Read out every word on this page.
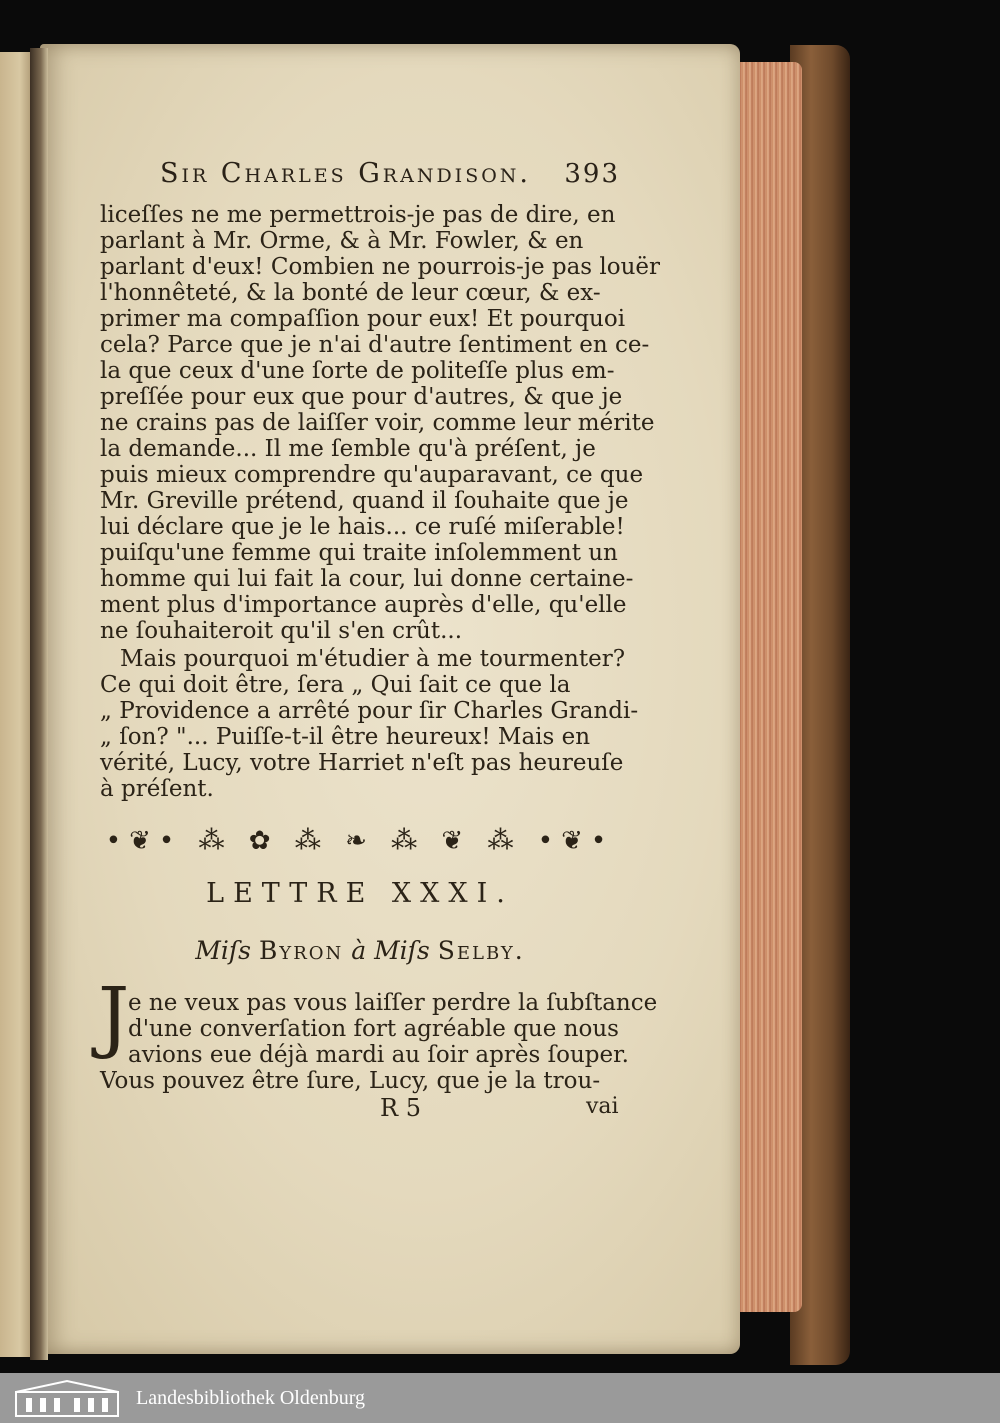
Sir Charles Grandison. 393
liceſſes ne me permettrois-je pas de dire, en
parlant à Mr. Orme, & à Mr. Fowler, & en
parlant d'eux! Combien ne pourrois-je pas louër
l'honnêteté, & la bonté de leur cœur, & ex-
primer ma compaſſion pour eux! Et pourquoi
cela? Parce que je n'ai d'autre ſentiment en ce-
la que ceux d'une ſorte de politeſſe plus em-
preſſée pour eux que pour d'autres, & que je
ne crains pas de laiſſer voir, comme leur mérite
la demande... Il me ſemble qu'à préſent, je
puis mieux comprendre qu'auparavant, ce que
Mr. Greville prétend, quand il ſouhaite que je
lui déclare que je le hais... ce ruſé miſerable!
puiſqu'une femme qui traite inſolemment un
homme qui lui fait la cour, lui donne certaine-
ment plus d'importance auprès d'elle, qu'elle
ne ſouhaiteroit qu'il s'en crût...
Mais pourquoi m'étudier à me tourmenter?
Ce qui doit être, ſera „ Qui ſait ce que la
„ Providence a arrêté pour ſir Charles Grandi-
„ ſon? "... Puiſſe-t-il être heureux! Mais en
vérité, Lucy, votre Harriet n'eſt pas heureuſe
à préſent.
•❦• ⁂ ✿ ⁂ ❧ ⁂ ❦ ⁂ •❦•
LETTRE XXXI.
Miſs Byron à Miſs Selby.
J
e ne veux pas vous laiſſer perdre la ſubſtance
d'une converſation fort agréable que nous
avions eue déjà mardi au ſoir après ſouper.
Vous pouvez être ſure, Lucy, que je la trou-
R 5	vai
Landesbibliothek Oldenburg
